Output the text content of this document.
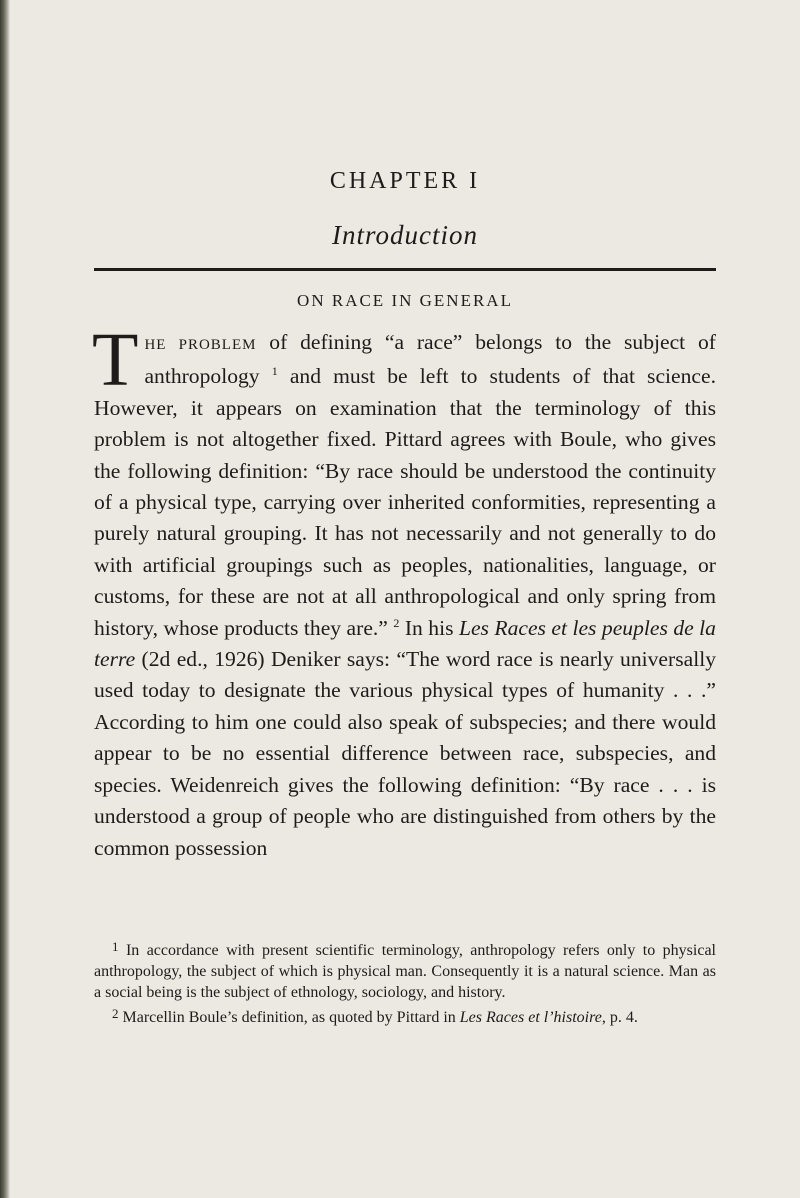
CHAPTER I
Introduction
ON RACE IN GENERAL
THE PROBLEM of defining “a race” belongs to the subject of anthropology $^1$ and must be left to students of that science. However, it appears on examination that the terminology of this problem is not altogether fixed. Pittard agrees with Boule, who gives the following definition: “By race should be understood the continuity of a physical type, carrying over inherited conformities, representing a purely natural grouping. It has not necessarily and not generally to do with artificial groupings such as peoples, nationalities, language, or customs, for these are not at all anthropological and only spring from history, whose products they are.” $^2$ In his Les Races et les peuples de la terre (2d ed., 1926) Deniker says: “The word race is nearly universally used today to designate the various physical types of humanity . . .” According to him one could also speak of subspecies; and there would appear to be no essential difference between race, subspecies, and species. Weidenreich gives the following definition: “By race . . . is understood a group of people who are distinguished from others by the common possession

$^1$ In accordance with present scientific terminology, anthropology refers only to physical anthropology, the subject of which is physical man. Consequently it is a natural science. Man as a social being is the subject of ethnology, sociology, and history.

$^2$ Marcellin Boule’s definition, as quoted by Pittard in Les Races et l’histoire, p. 4.
